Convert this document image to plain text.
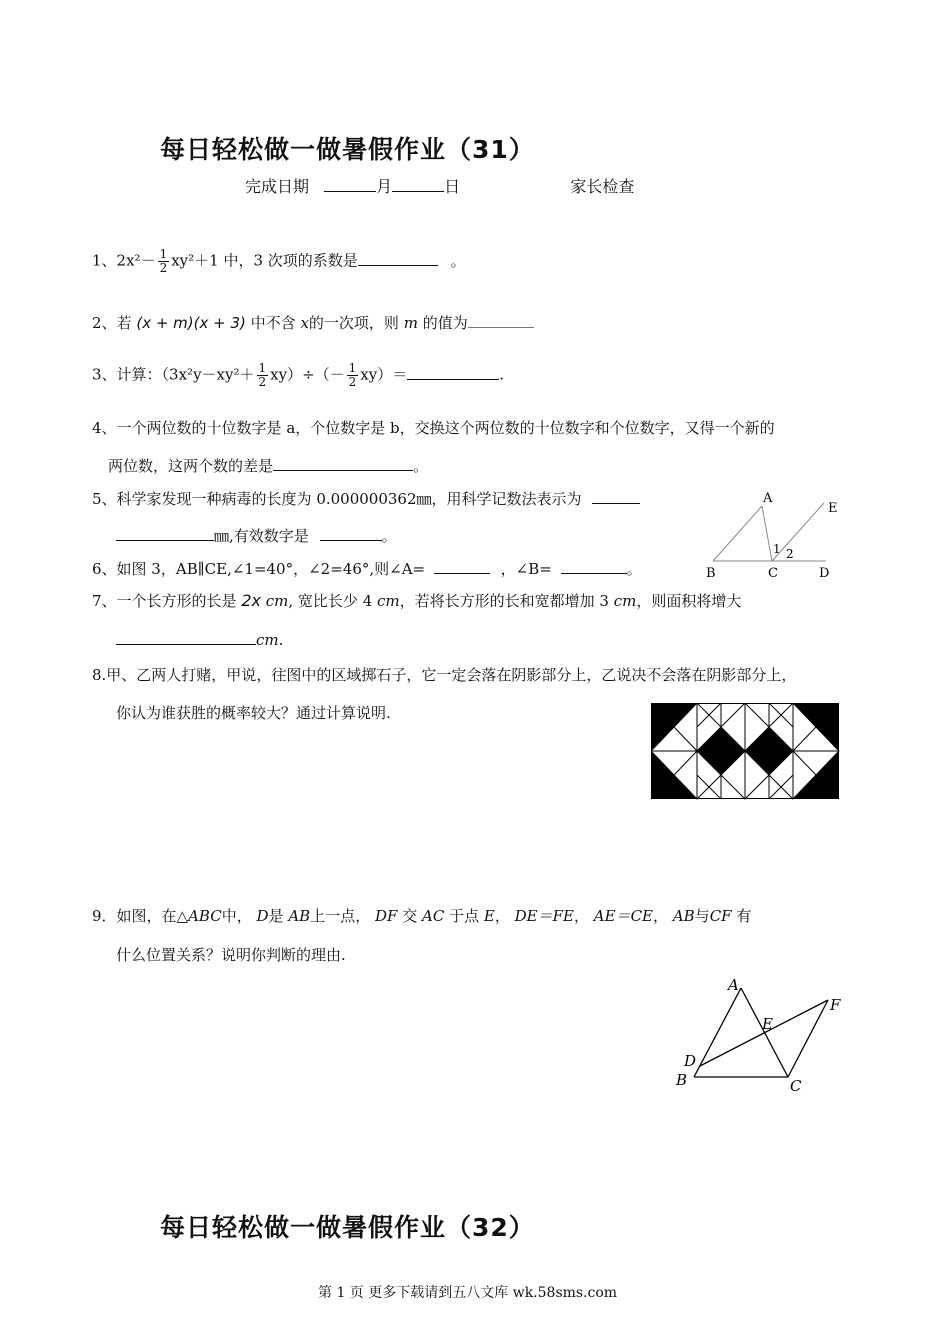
每日轻松做一做暑假作业（31）
完成日期	月	日	家长检查
1、$2x^2- \frac{1}{2} xy^2+1$ 中，3 次项的系数是	。
2、若 (x + m)(x + 3) 中不含 x的一次项，则 m 的值为
3、计算：$(3x^2y-xy^2+ \frac{1}{2} xy)\div(- \frac{1}{2} xy)=$	.
4、一个两位数的十位数字是 a，个位数字是 b，交换这个两位数的十位数字和个位数字，又得一个新的
两位数，这两个数的差是	。
5、科学家发现一种病毒的长度为 0.000000362㎜，用科学记数法表示为
㎜,有效数字是	。
6、如图 3，AB∥CE,∠1=40°，∠2=46°,则∠A=	，∠B=	。
A
B	C	D
E
1 2
7、一个长方形的长是 2x cm, 宽比长少 4 cm，若将长方形的长和宽都增加 3 cm，则面积将增大
cm.
8.甲、乙两人打赌，甲说，往图中的区域掷石子，它一定会落在阴影部分上，乙说决不会落在阴影部分上，
你认为谁获胜的概率较大？通过计算说明.
9．如图，在△ABC中， D是 AB上一点， DF 交 AC 于点 E， DE＝FE， AE＝CE， AB与CF 有
什么位置关系？说明你判断的理由.
A
B	C
D
E
F
每日轻松做一做暑假作业（32）
第 1 页 更多下载请到五八文库 wk.58sms.com
